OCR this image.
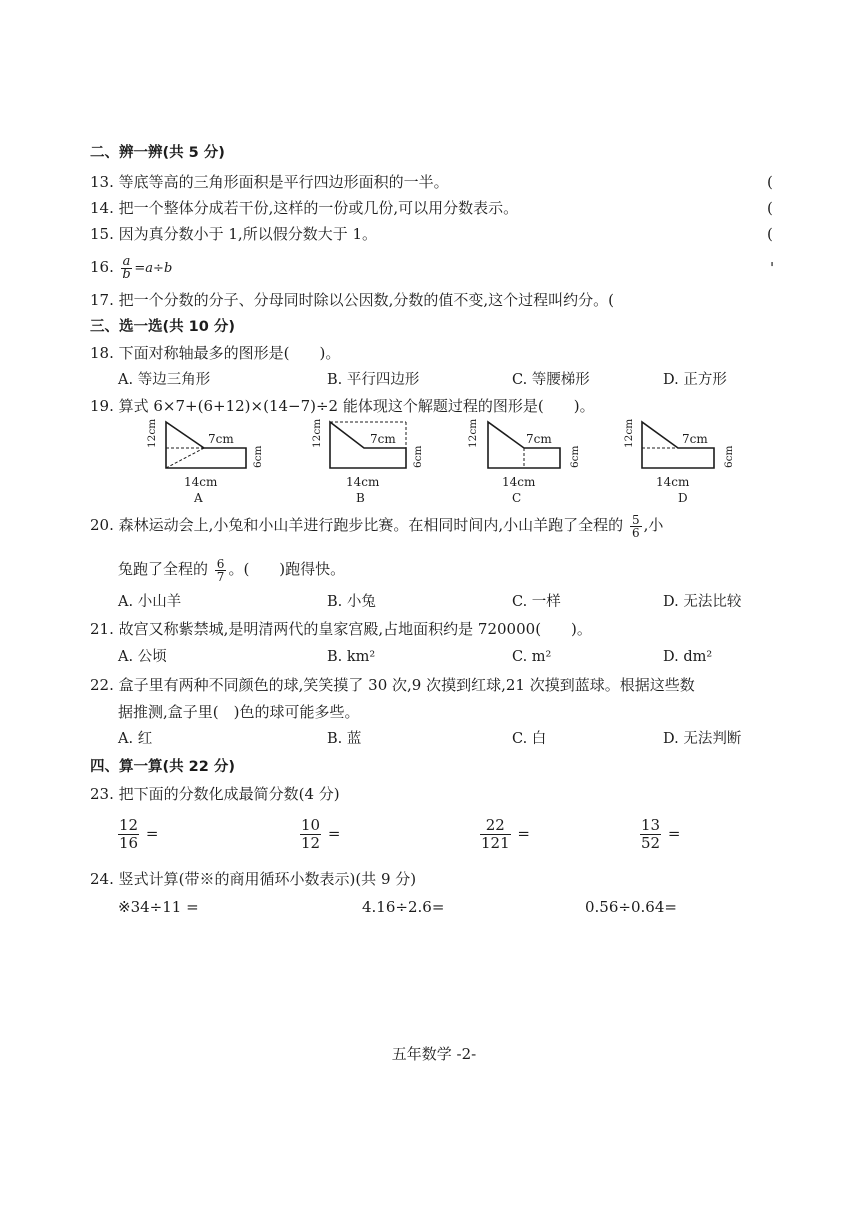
二、辨一辨(共 5 分)
13. 等底等高的三角形面积是平行四边形面积的一半。	(
14. 把一个整体分成若干份,这样的一份或几份,可以用分数表示。	(
15. 因为真分数小于 1,所以假分数大于 1。	(
16. $\frac{a}{b} =a\div b$	'
17. 把一个分数的分子、分母同时除以公因数,分数的值不变,这个过程叫约分。(
三、选一选(共 10 分)
18. 下面对称轴最多的图形是(　　)。
A. 等边三角形	B. 平行四边形	C. 等腰梯形	D. 正方形
19. 算式 6×7+(6+12)×(14−7)÷2 能体现这个解题过程的图形是(　　)。
7cm
12cm
6cm
14cm
A
7cm
12cm
6cm
14cm
B
7cm
12cm
6cm
14cm
C
7cm
12cm
6cm
14cm
D
20. 森林运动会上,小兔和小山羊进行跑步比赛。在相同时间内,小山羊跑了全程的 $\frac{5}{6}$ ,小
兔跑了全程的 $\frac{6}{7}$ 。(　　)跑得快。
A. 小山羊	B. 小兔	C. 一样	D. 无法比较
21. 故宫又称紫禁城,是明清两代的皇家宫殿,占地面积约是 720000(　　)。
A. 公顷	B. km²	C. m²	D. dm²
22. 盒子里有两种不同颜色的球,笑笑摸了 30 次,9 次摸到红球,21 次摸到蓝球。根据这些数
据推测,盒子里(　)色的球可能多些。
A. 红	B. 蓝	C. 白	D. 无法判断
四、算一算(共 22 分)
23. 把下面的分数化成最简分数(4 分)
$\frac{12}{16}$ =	$\frac{10}{12}$ =	$\frac{22}{121}$ =	$\frac{13}{52}$ =
24. 竖式计算(带※的商用循环小数表示)(共 9 分)
※34÷11 =	4.16÷2.6=	0.56÷0.64=
五年数学 -2-
